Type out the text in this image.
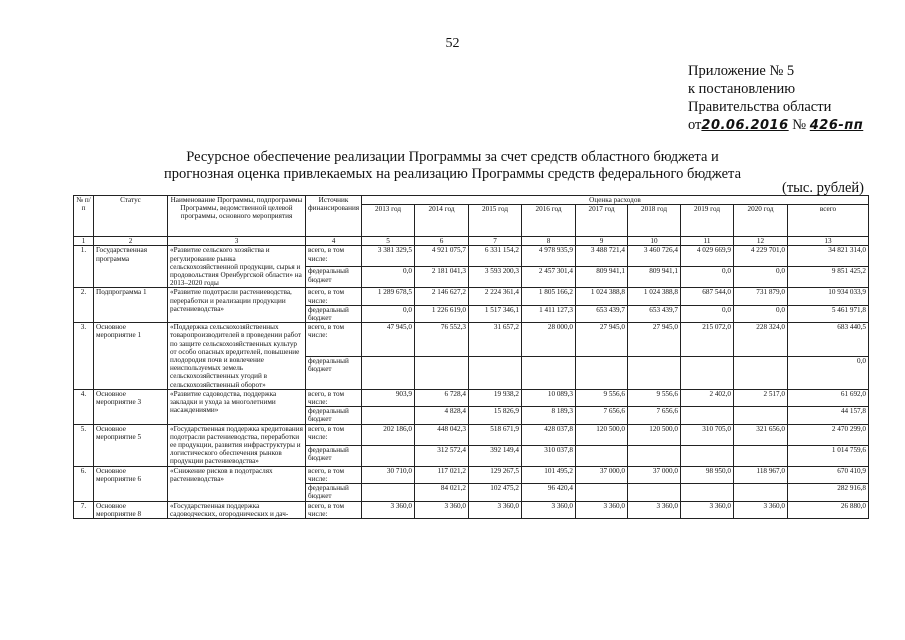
52
Приложение № 5
к постановлению
Правительства области
от20.06.2016 № 426-пп
Ресурсное обеспечение реализации Программы за счет средств областного бюджета и
прогнозная оценка привлекаемых на реализацию Программы средств федерального бюджета
(тыс. рублей)
№ п/п	Статус	Наименование Программы, подпрограммы Программы, ведомственной целевой программы, основного мероприятия	Источник финансирования	Оценка расходов								
				2013 год	2014 год	2015 год	2016 год	2017 год	2018 год	2019 год	2020 год	всего
1	2	3	4	5	6	7	8	9	10	11	12	13
1.	Государственная программа	«Развитие сельского хозяйства и регулирование рынка сельскохозяйственной продукции, сырья и продовольствия Оренбургской области» на 2013–2020 годы	всего, в том числе:	3 381 329,5	4 921 075,7	6 331 154,2	4 978 935,9	3 488 721,4	3 460 726,4	4 029 669,9	4 229 701,0	34 821 314,0
			федеральный бюджет	0,0	2 181 041,3	3 593 200,3	2 457 301,4	809 941,1	809 941,1	0,0	0,0	9 851 425,2
2.	Подпрограмма 1	«Развитие подотрасли растениеводства, переработки и реализации продукции растениеводства»	всего, в том числе:	1 289 678,5	2 146 627,2	2 224 361,4	1 805 166,2	1 024 388,8	1 024 388,8	687 544,0	731 879,0	10 934 033,9
			федеральный бюджет	0,0	1 226 619,0	1 517 346,1	1 411 127,3	653 439,7	653 439,7	0,0	0,0	5 461 971,8
3.	Основное мероприятие 1	«Поддержка сельскохозяйственных товаропроизводителей в проведении работ по защите сельскохозяйственных культур от особо опасных вредителей, повышение плодородия почв и вовлечение неиспользуемых земель сельскохозяйственных угодий в сельскохозяйственный оборот»	всего, в том числе:	47 945,0	76 552,3	31 657,2	28 000,0	27 945,0	27 945,0	215 072,0	228 324,0	683 440,5
			федеральный бюджет									0,0
4.	Основное мероприятие 3	«Развитие садоводства, поддержка закладки и ухода за многолетними насаждениями»	всего, в том числе:	903,9	6 728,4	19 938,2	10 089,3	9 556,6	9 556,6	2 402,0	2 517,0	61 692,0
			федеральный бюджет		4 828,4	15 826,9	8 189,3	7 656,6	7 656,6			44 157,8
5.	Основное мероприятие 5	«Государственная поддержка кредитования подотрасли растениеводства, переработки ее продукции, развития инфраструктуры и логистического обеспечения рынков продукции растениеводства»	всего, в том числе:	202 186,0	448 042,3	518 671,9	428 037,8	120 500,0	120 500,0	310 705,0	321 656,0	2 470 299,0
			федеральный бюджет		312 572,4	392 149,4	310 037,8					1 014 759,6
6.	Основное мероприятие 6	«Снижение рисков в подотраслях растениеводства»	всего, в том числе:	30 710,0	117 021,2	129 267,5	101 495,2	37 000,0	37 000,0	98 950,0	118 967,0	670 410,9
			федеральный бюджет		84 021,2	102 475,2	96 420,4					282 916,8
7.	Основное мероприятие 8	«Государственная поддержка садоводческих, огороднических и дач-	всего, в том числе:	3 360,0	3 360,0	3 360,0	3 360,0	3 360,0	3 360,0	3 360,0	3 360,0	26 880,0
